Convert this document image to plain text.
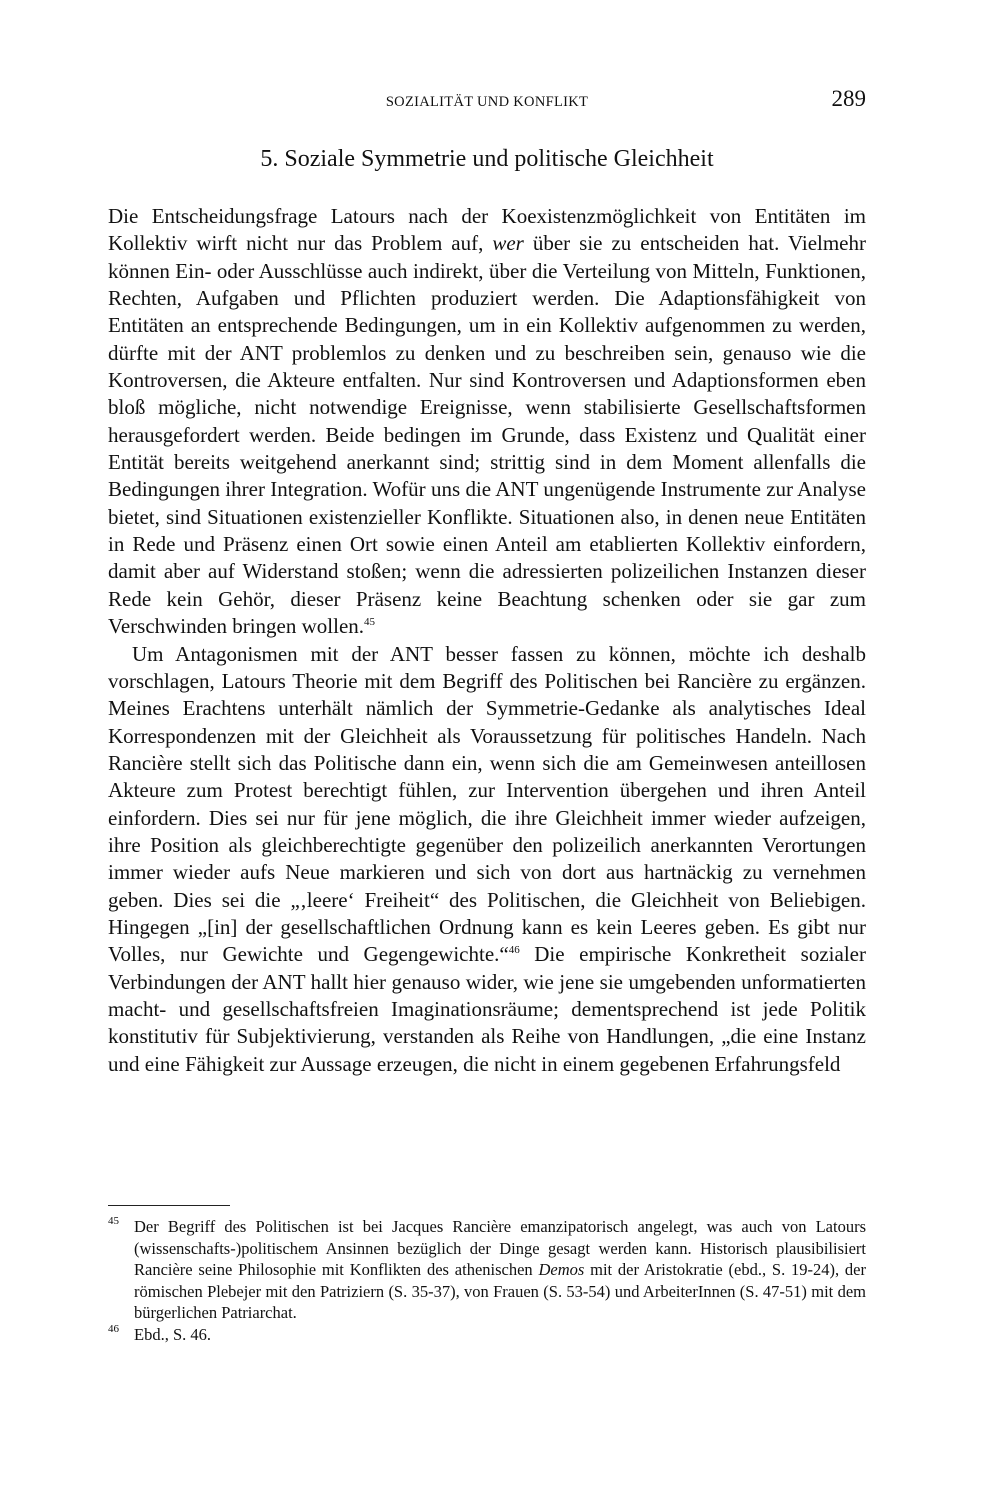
SOZIALITÄT UND KONFLIKT	289
5. Soziale Symmetrie und politische Gleichheit

Die Entscheidungsfrage Latours nach der Koexistenzmöglichkeit von Entitäten im Kollektiv wirft nicht nur das Problem auf, wer über sie zu entscheiden hat. Vielmehr können Ein- oder Ausschlüsse auch indirekt, über die Verteilung von Mitteln, Funktionen, Rechten, Aufgaben und Pflichten produziert werden. Die Adaptionsfähigkeit von Entitäten an entsprechende Bedingungen, um in ein Kollektiv aufgenommen zu werden, dürfte mit der ANT problemlos zu denken und zu beschreiben sein, genauso wie die Kontroversen, die Akteure entfalten. Nur sind Kontroversen und Adaptionsformen eben bloß mögliche, nicht notwendige Ereignisse, wenn stabilisierte Gesellschaftsformen herausgefordert werden. Beide bedingen im Grunde, dass Existenz und Qualität einer Entität bereits weitgehend anerkannt sind; strittig sind in dem Moment allenfalls die Bedingungen ihrer Integration. Wofür uns die ANT ungenügende Instrumente zur Analyse bietet, sind Situationen existenzieller Konflikte. Situationen also, in denen neue Entitäten in Rede und Präsenz einen Ort sowie einen Anteil am etablierten Kollektiv einfordern, damit aber auf Widerstand stoßen; wenn die adressierten polizeilichen Instanzen dieser Rede kein Gehör, dieser Präsenz keine Beachtung schenken oder sie gar zum Verschwinden bringen wollen.$^{45}$

Um Antagonismen mit der ANT besser fassen zu können, möchte ich deshalb vorschlagen, Latours Theorie mit dem Begriff des Politischen bei Rancière zu ergänzen. Meines Erachtens unterhält nämlich der Symmetrie-Gedanke als analytisches Ideal Korrespondenzen mit der Gleichheit als Voraussetzung für politisches Handeln. Nach Rancière stellt sich das Politische dann ein, wenn sich die am Gemeinwesen anteillosen Akteure zum Protest berechtigt fühlen, zur Intervention übergehen und ihren Anteil einfordern. Dies sei nur für jene möglich, die ihre Gleichheit immer wieder aufzeigen, ihre Position als gleichberechtigte gegenüber den polizeilich anerkannten Verortungen immer wieder aufs Neue markieren und sich von dort aus hartnäckig zu vernehmen geben. Dies sei die „‚leere‘ Freiheit“ des Politischen, die Gleichheit von Beliebigen. Hingegen „[in] der gesellschaftlichen Ordnung kann es kein Leeres geben. Es gibt nur Volles, nur Gewichte und Gegengewichte.“$^{46}$ Die empirische Konkretheit sozialer Verbindungen der ANT hallt hier genauso wider, wie jene sie umgebenden unformatierten macht- und gesellschaftsfreien Imaginationsräume; dementsprechend ist jede Politik konstitutiv für Subjektivierung, verstanden als Reihe von Handlungen, „die eine Instanz und eine Fähigkeit zur Aussage erzeugen, die nicht in einem gegebenen Erfahrungsfeld

45 Der Begriff des Politischen ist bei Jacques Rancière emanzipatorisch angelegt, was auch von Latours (wissenschafts-)politischem Ansinnen bezüglich der Dinge gesagt werden kann. Historisch plausibilisiert Rancière seine Philosophie mit Konflikten des athenischen Demos mit der Aristokratie (ebd., S. 19-24), der römischen Plebejer mit den Patriziern (S. 35-37), von Frauen (S. 53-54) und ArbeiterInnen (S. 47-51) mit dem bürgerlichen Patriarchat.

46 Ebd., S. 46.
